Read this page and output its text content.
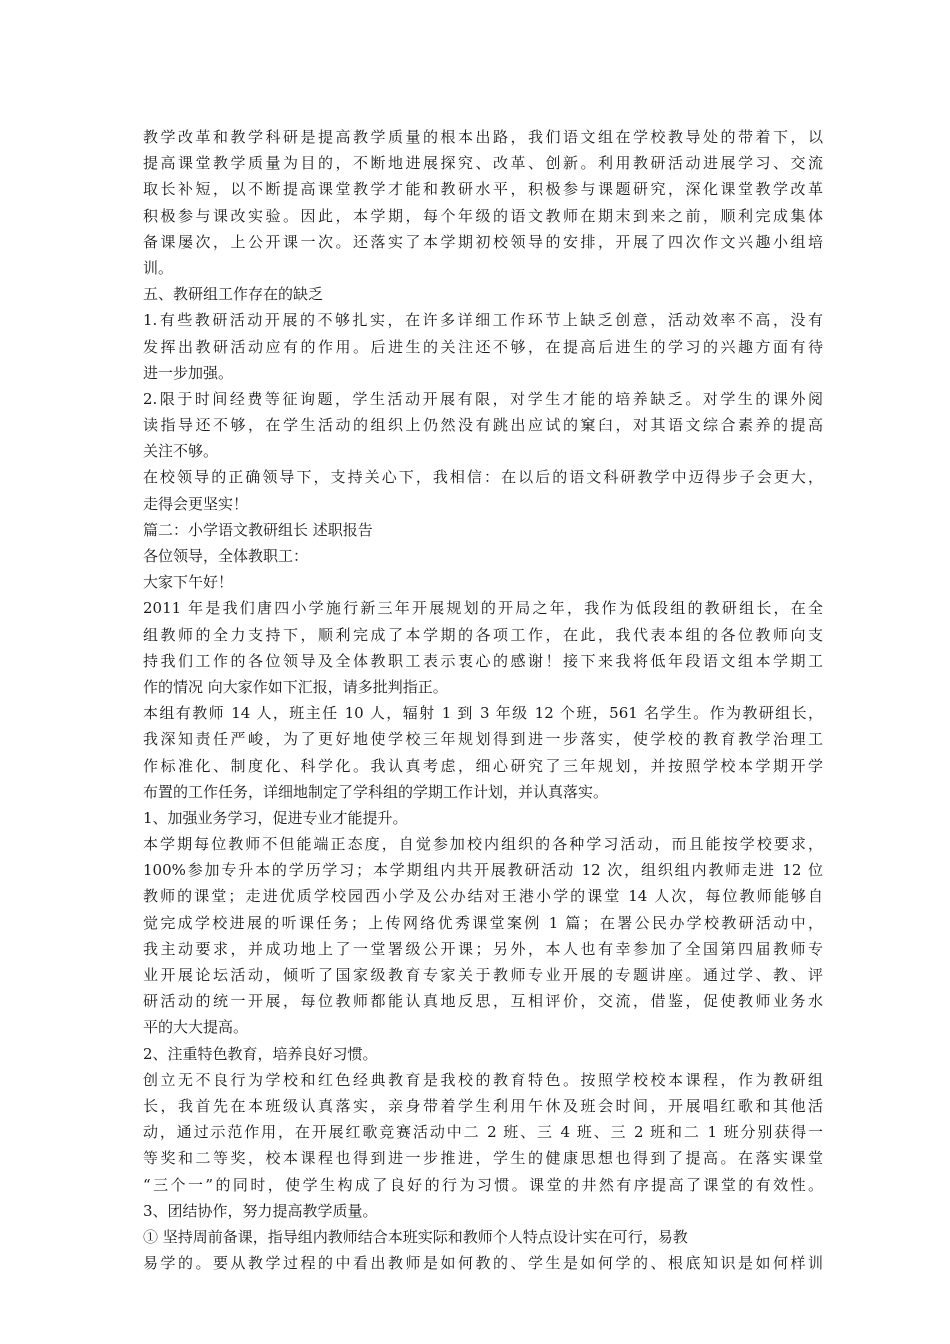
教学改革和教学科研是提高教学质量的根本出路，我们语文组在学校教导处的带着下，以
提高课堂教学质量为目的，不断地进展探究、改革、创新。利用教研活动进展学习、交流
取长补短，以不断提高课堂教学才能和教研水平，积极参与课题研究，深化课堂教学改革
积极参与课改实验。因此，本学期，每个年级的语文教师在期末到来之前，顺利完成集体
备课屡次，上公开课一次。还落实了本学期初校领导的安排，开展了四次作文兴趣小组培
训。
五、教研组工作存在的缺乏
1.有些教研活动开展的不够扎实，在许多详细工作环节上缺乏创意，活动效率不高，没有
发挥出教研活动应有的作用。后进生的关注还不够，在提高后进生的学习的兴趣方面有待
进一步加强。
2.限于时间经费等征询题，学生活动开展有限，对学生才能的培养缺乏。对学生的课外阅
读指导还不够，在学生活动的组织上仍然没有跳出应试的窠臼，对其语文综合素养的提高
关注不够。
在校领导的正确领导下，支持关心下，我相信：在以后的语文科研教学中迈得步子会更大，
走得会更坚实！
篇二：小学语文教研组长 述职报告
各位领导，全体教职工：
大家下午好！
2011 年是我们唐四小学施行新三年开展规划的开局之年，我作为低段组的教研组长，在全
组教师的全力支持下，顺利完成了本学期的各项工作，在此，我代表本组的各位教师向支
持我们工作的各位领导及全体教职工表示衷心的感谢！接下来我将低年段语文组本学期工
作的情况 向大家作如下汇报，请多批判指正。
本组有教师 14 人，班主任 10 人，辐射 1 到 3 年级 12 个班，561 名学生。作为教研组长，
我深知责任严峻，为了更好地使学校三年规划得到进一步落实，使学校的教育教学治理工
作标准化、制度化、科学化。我认真考虑，细心研究了三年规划，并按照学校本学期开学
布置的工作任务，详细地制定了学科组的学期工作计划，并认真落实。
1、加强业务学习，促进专业才能提升。
本学期每位教师不但能端正态度，自觉参加校内组织的各种学习活动，而且能按学校要求，
100%参加专升本的学历学习；本学期组内共开展教研活动 12 次，组织组内教师走进 12 位
教师的课堂；走进优质学校园西小学及公办结对王港小学的课堂 14 人次，每位教师能够自
觉完成学校进展的听课任务；上传网络优秀课堂案例 1 篇；在署公民办学校教研活动中，
我主动要求，并成功地上了一堂署级公开课；另外，本人也有幸参加了全国第四届教师专
业开展论坛活动，倾听了国家级教育专家关于教师专业开展的专题讲座。通过学、教、评
研活动的统一开展，每位教师都能认真地反思，互相评价，交流，借鉴，促使教师业务水
平的大大提高。
2、注重特色教育，培养良好习惯。
创立无不良行为学校和红色经典教育是我校的教育特色。按照学校校本课程，作为教研组
长，我首先在本班级认真落实，亲身带着学生利用午休及班会时间，开展唱红歌和其他活
动，通过示范作用，在开展红歌竞赛活动中二 2 班、三 4 班、三 2 班和二 1 班分别获得一
等奖和二等奖，校本课程也得到进一步推进，学生的健康思想也得到了提高。在落实课堂
“三个一”的同时，使学生构成了良好的行为习惯。课堂的井然有序提高了课堂的有效性。
3、团结协作，努力提高教学质量。
① 坚持周前备课，指导组内教师结合本班实际和教师个人特点设计实在可行，易教
易学的。要从教学过程的中看出教师是如何教的、学生是如何学的、根底知识是如何样训
